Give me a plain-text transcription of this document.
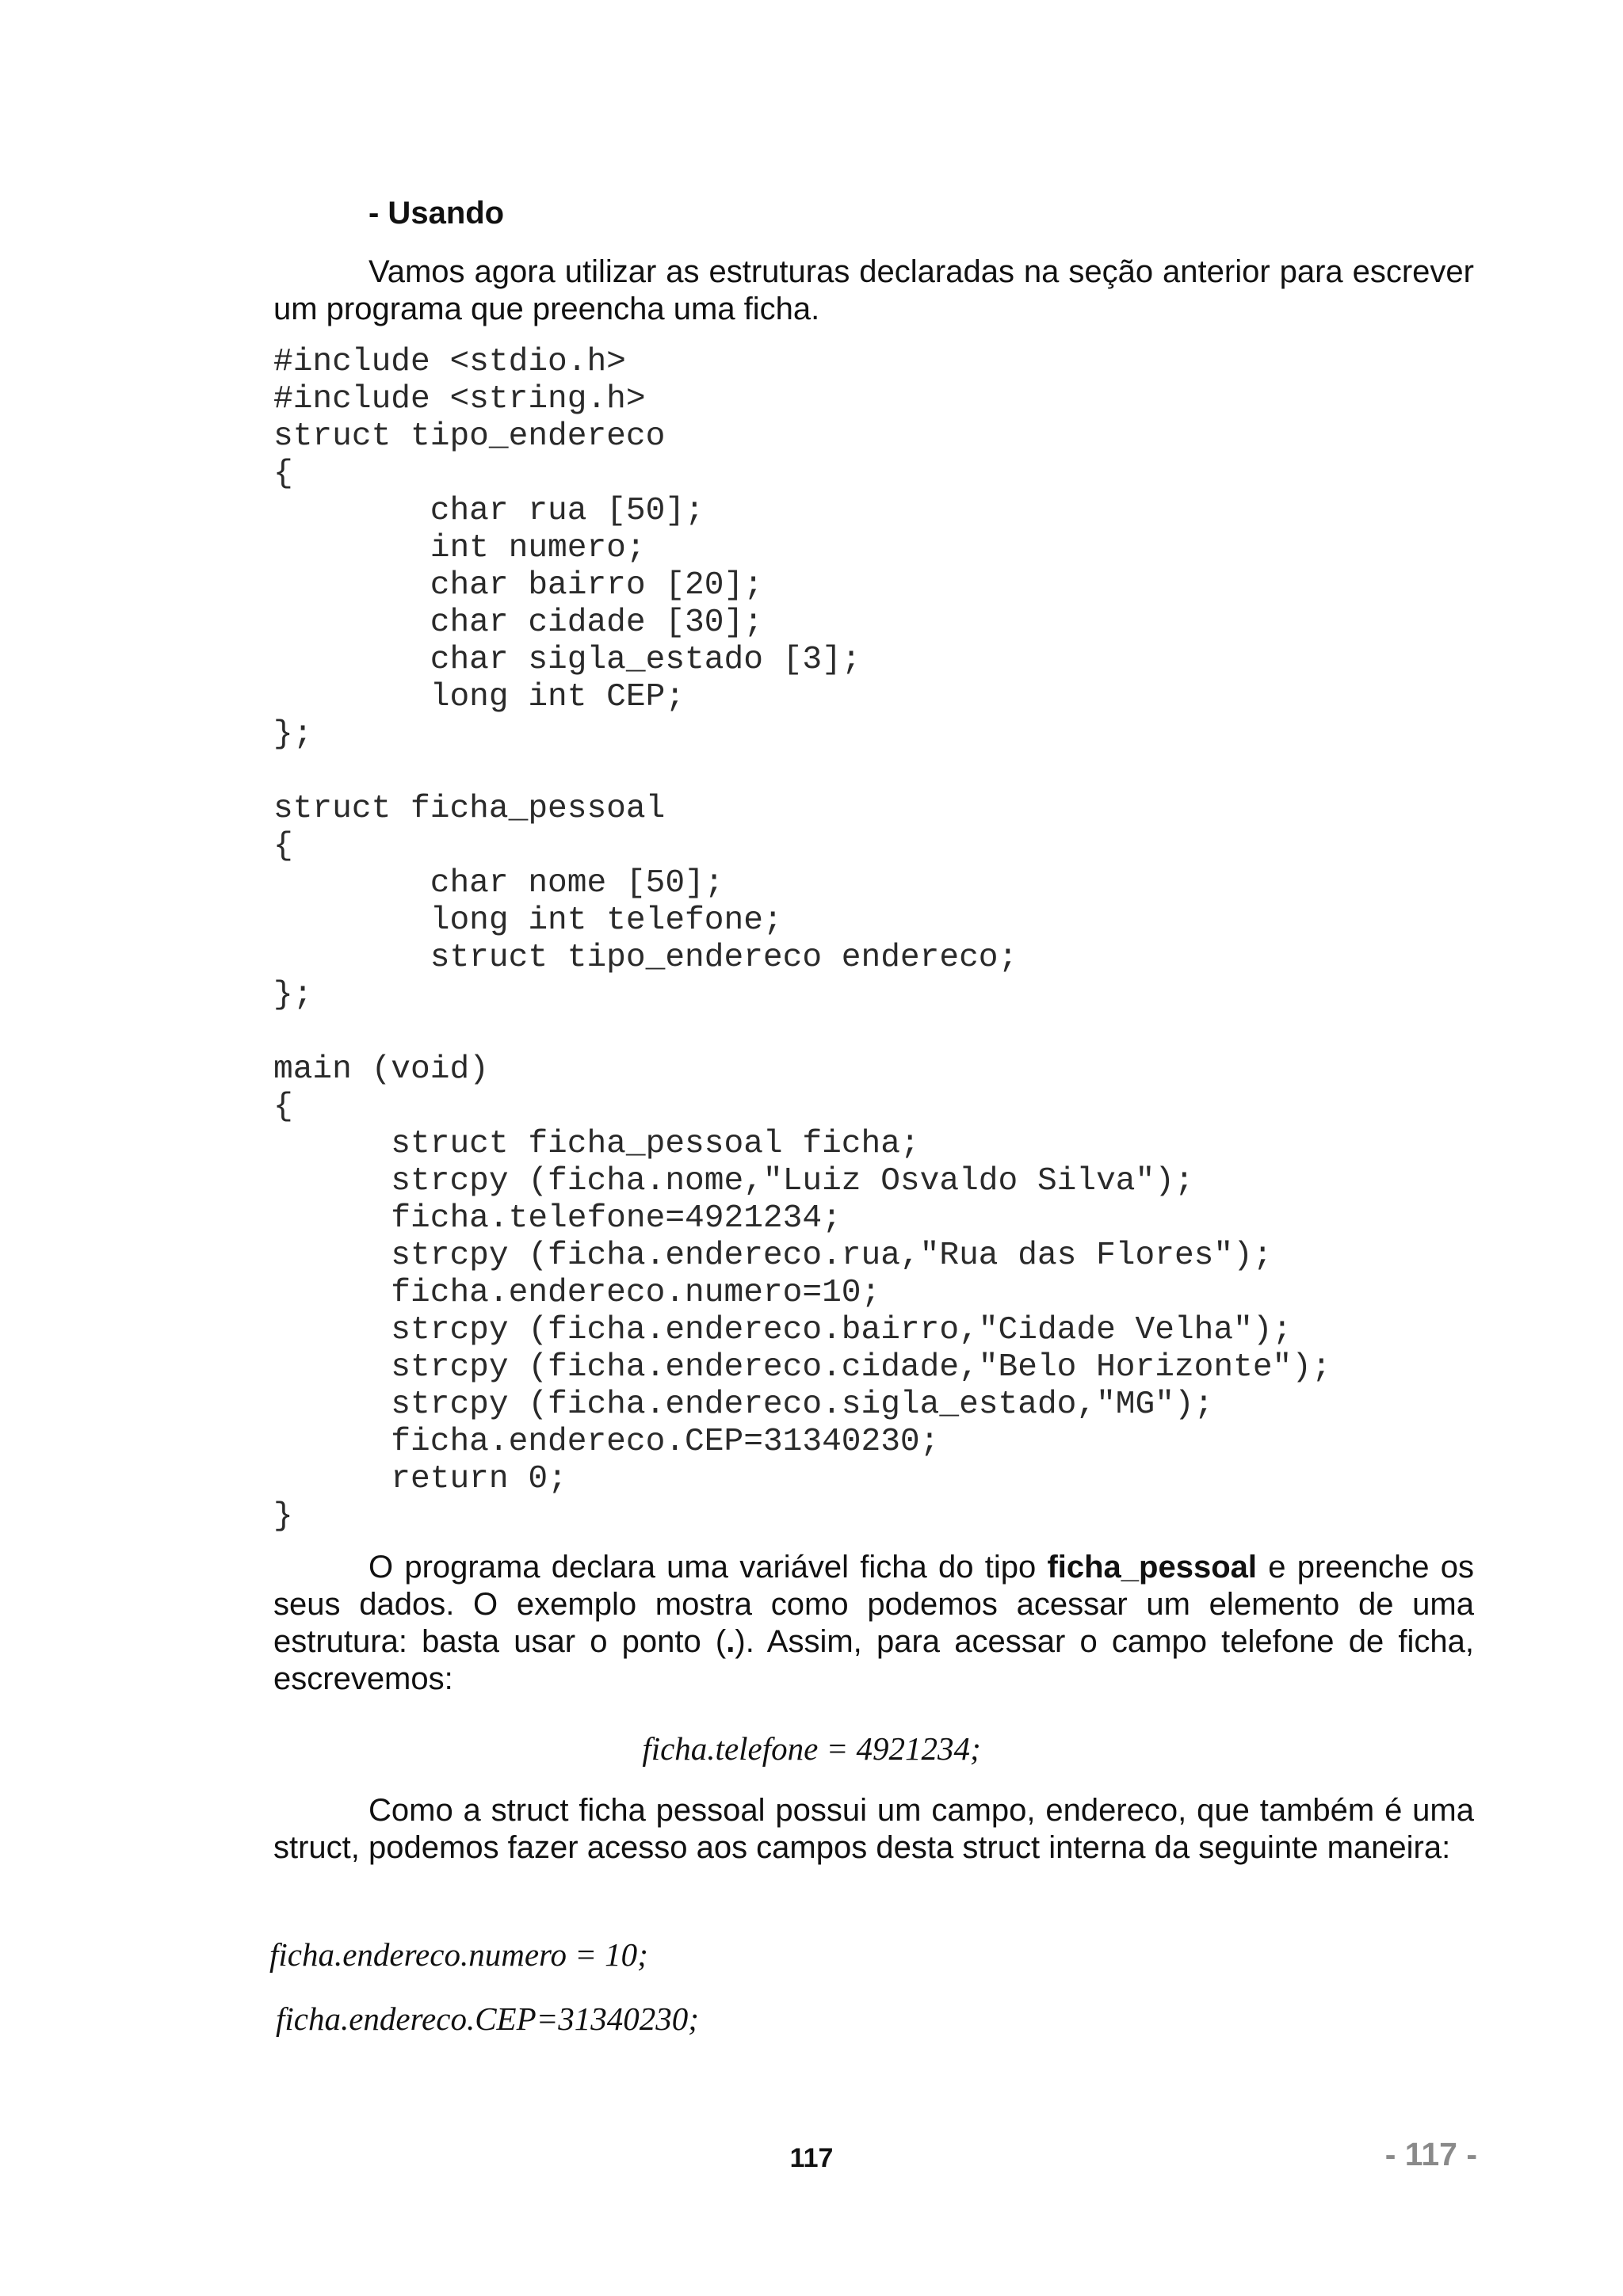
- Usando

Vamos agora utilizar as estruturas declaradas na seção anterior para escrever um programa que preencha uma ficha.

#include <stdio.h>
#include <string.h>
struct tipo_endereco
{
char rua [50];
int numero;
char bairro [20];
char cidade [30];
char sigla_estado [3];
long int CEP;
};

struct ficha_pessoal
{
char nome [50];
long int telefone;
struct tipo_endereco endereco;
};

main (void)
{
struct ficha_pessoal ficha;
strcpy (ficha.nome,"Luiz Osvaldo Silva");
ficha.telefone=4921234;
strcpy (ficha.endereco.rua,"Rua das Flores");
ficha.endereco.numero=10;
strcpy (ficha.endereco.bairro,"Cidade Velha");
strcpy (ficha.endereco.cidade,"Belo Horizonte");
strcpy (ficha.endereco.sigla_estado,"MG");
ficha.endereco.CEP=31340230;
return 0;
}

O programa declara uma variável ficha do tipo ficha_pessoal e preenche os seus dados. O exemplo mostra como podemos acessar um elemento de uma estrutura: basta usar o ponto (.). Assim, para acessar o campo telefone de ficha, escrevemos:

ficha.telefone = 4921234;

Como a struct ficha pessoal possui um campo, endereco, que também é uma struct, podemos fazer acesso aos campos desta struct interna da seguinte maneira:

ficha.endereco.numero = 10;
ficha.endereco.CEP=31340230;
117	- 117 -
